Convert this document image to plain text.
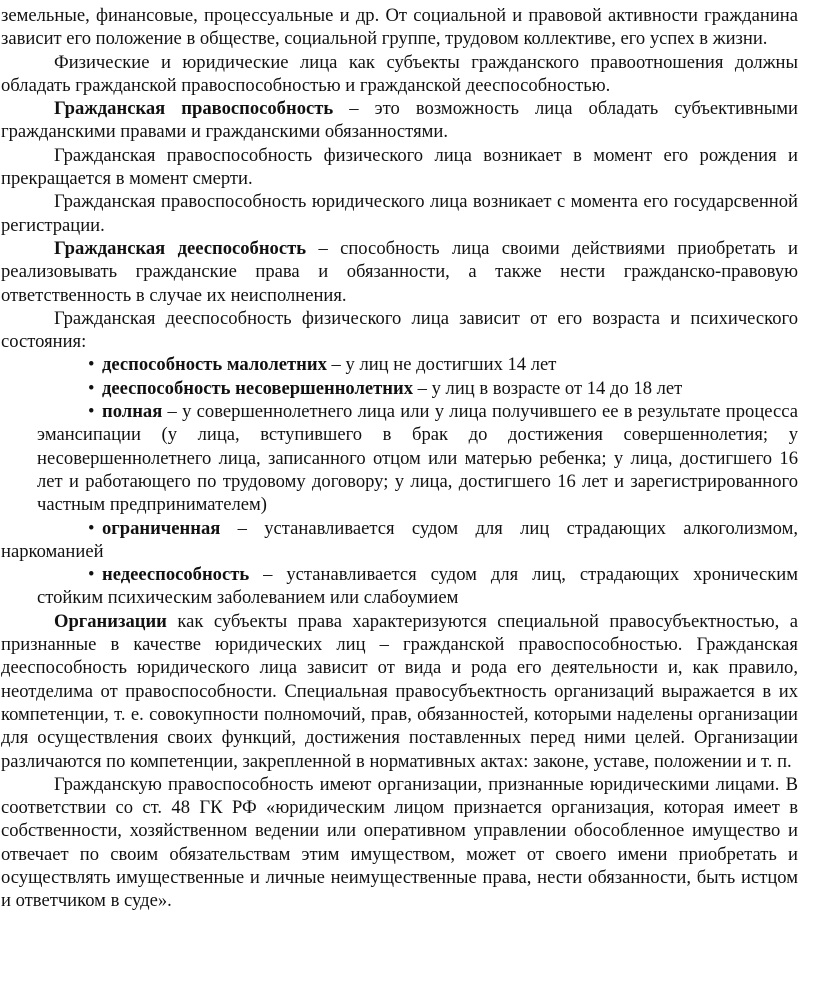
земельные, финансовые, процессуальные и др. От социальной и правовой активности гражданина зависит его положение в обществе, социальной группе, трудовом коллективе, его успех в жизни.

Физические и юридические лица как субъекты гражданского правоотношения должны обладать гражданской правоспособностью и гражданской дееспособностью.

Гражданская правоспособность – это возможность лица обладать субъективными гражданскими правами и гражданскими обязанностями.

Гражданская правоспособность физического лица возникает в момент его рождения и прекращается в момент смерти.

Гражданская правоспособность юридического лица возникает с момента его государсвенной регистрации.

Гражданская дееспособность – способность лица своими действиями приобретать и реализовывать гражданские права и обязанности, а также нести гражданско-правовую ответственность в случае их неисполнения.

Гражданская дееспособность физического лица зависит от его возраста и психического состояния:

• деспособность малолетних – у лиц не достигших 14 лет
• дееспособность несовершеннолетних – у лиц в возрасте от 14 до 18 лет
• полная – у совершеннолетнего лица или у лица получившего ее в результате процесса эмансипации (у лица, вступившего в брак до достижения совершеннолетия; у несовершеннолетнего лица, записанного отцом или матерью ребенка; у лица, достигшего 16 лет и работающего по трудовому договору; у лица, достигшего 16 лет и зарегистрированного частным предпринимателем)
• ограниченная – устанавливается судом для лиц страдающих алкоголизмом, наркоманией
• недееспособность – устанавливается судом для лиц, страдающих хроническим стойким психическим заболеванием или слабоумием

Организации как субъекты права характеризуются специальной правосубъектностью, а признанные в качестве юридических лиц – гражданской правоспособностью. Гражданская дееспособность юридического лица зависит от вида и рода его деятельности и, как правило, неотделима от правоспособности. Специальная правосубъектность организаций выражается в их компетенции, т. е. совокупности полномочий, прав, обязанностей, которыми наделены организации для осуществления своих функций, достижения поставленных перед ними целей. Организации различаются по компетенции, закрепленной в нормативных актах: законе, уставе, положении и т. п.

Гражданскую правоспособность имеют организации, признанные юридическими лицами. В соответствии со ст. 48 ГК РФ «юридическим лицом признается организация, которая имеет в собственности, хозяйственном ведении или оперативном управлении обособленное имущество и отвечает по своим обязательствам этим имуществом, может от своего имени приобретать и осуществлять имущественные и личные неимущественные права, нести обязанности, быть истцом и ответчиком в суде».
